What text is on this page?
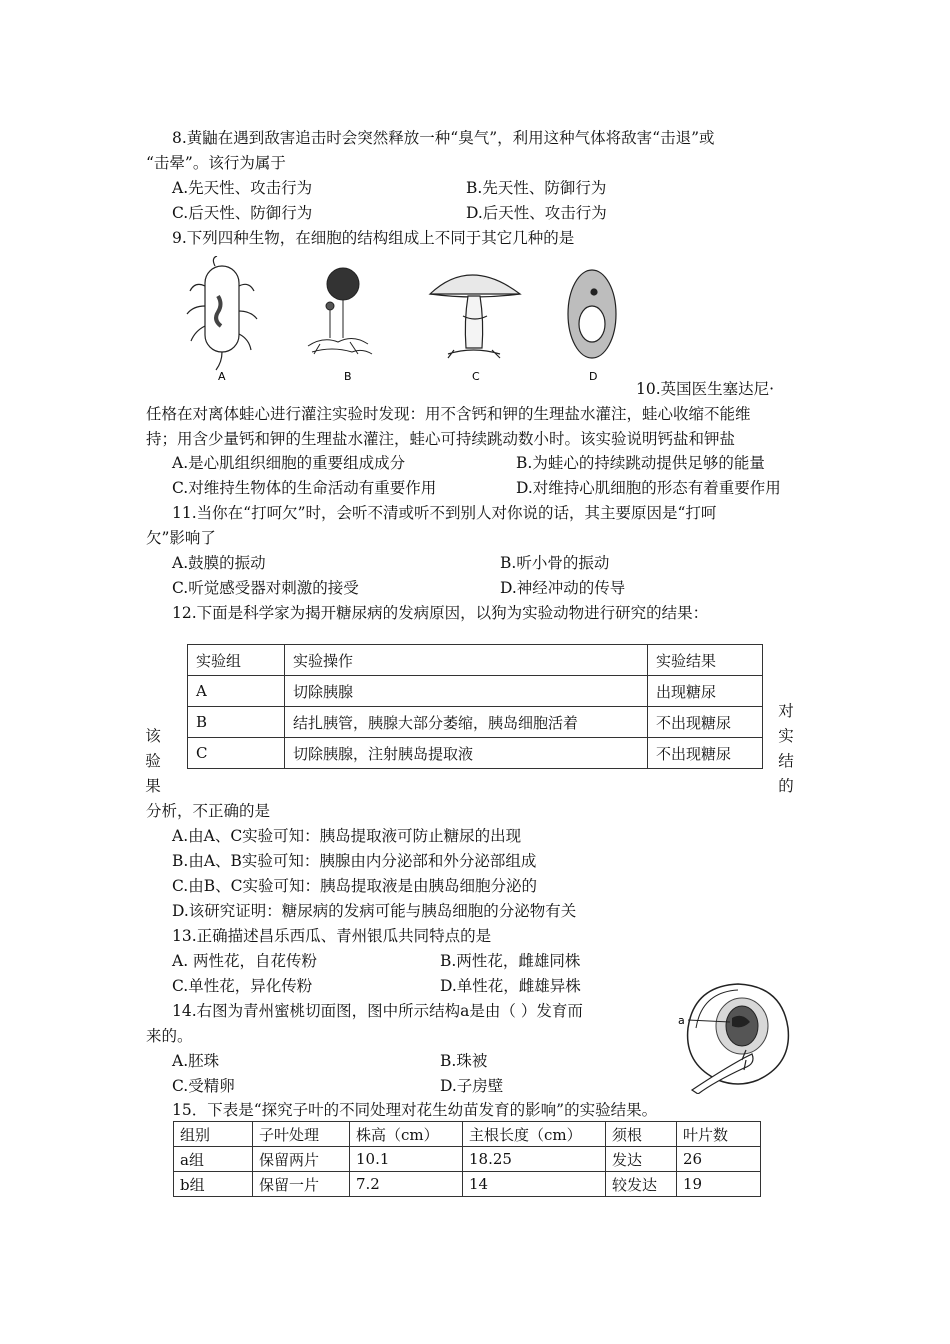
8.黄鼬在遇到敌害追击时会突然释放一种“臭气”，利用这种气体将敌害“击退”或
“击晕”。该行为属于
A.先天性、攻击行为	B.先天性、防御行为
C.后天性、防御行为	D.后天性、攻击行为
9.下列四种生物，在细胞的结构组成上不同于其它几种的是
A	B	C	D
10.英国医生塞达尼·
任格在对离体蛙心进行灌注实验时发现：用不含钙和钾的生理盐水灌注，蛙心收缩不能维
持；用含少量钙和钾的生理盐水灌注，蛙心可持续跳动数小时。该实验说明钙盐和钾盐
A.是心肌组织细胞的重要组成成分	B.为蛙心的持续跳动提供足够的能量
C.对维持生物体的生命活动有重要作用	D.对维持心肌细胞的形态有着重要作用
11.当你在“打呵欠”时，会听不清或听不到别人对你说的话，其主要原因是“打呵
欠”影响了
A.鼓膜的振动	B.听小骨的振动
C.听觉感受器对刺激的接受	D.神经冲动的传导
12.下面是科学家为揭开糖尿病的发病原因，以狗为实验动物进行研究的结果：
实验组	实验操作	实验结果
A	切除胰腺	出现糖尿
B	结扎胰管，胰腺大部分萎缩，胰岛细胞活着	不出现糖尿
C	切除胰腺，注射胰岛提取液	不出现糖尿
该
验
果
对
实
结
的
分析，不正确的是
A.由A、C实验可知：胰岛提取液可防止糖尿的出现
B.由A、B实验可知：胰腺由内分泌部和外分泌部组成
C.由B、C实验可知：胰岛提取液是由胰岛细胞分泌的
D.该研究证明：糖尿病的发病可能与胰岛细胞的分泌物有关
13.正确描述昌乐西瓜、青州银瓜共同特点的是
A. 两性花，自花传粉	B.两性花，雌雄同株
C.单性花，异化传粉	D.单性花，雌雄异株
14.右图为青州蜜桃切面图，图中所示结构a是由（ ）发育而
来的。
A.胚珠	B.珠被
C.受精卵	D.子房壁
a
15．下表是“探究子叶的不同处理对花生幼苗发育的影响”的实验结果。
组别	子叶处理	株高（cm）	主根长度（cm）	须根	叶片数
a组	保留两片	10.1	18.25	发达	26
b组	保留一片	7.2	14	较发达	19
